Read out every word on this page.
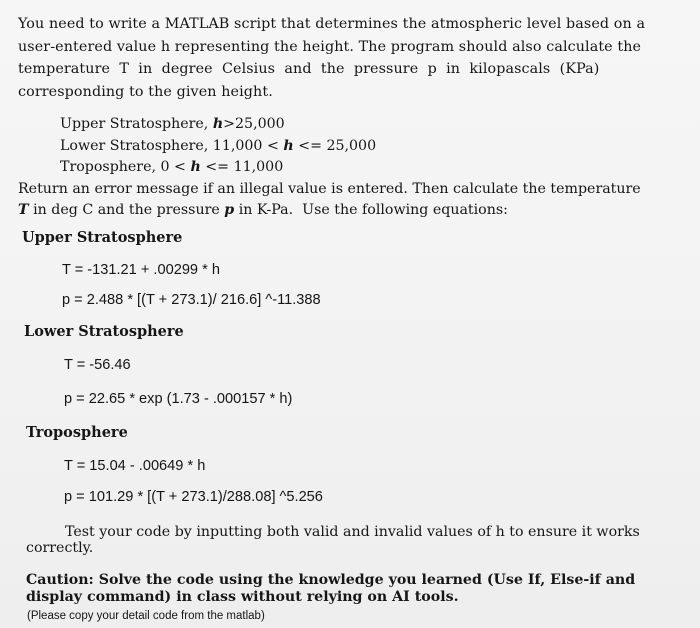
You need to write a MATLAB script that determines the atmospheric level based on a

user-entered value h representing the height. The program should also calculate the

temperature  T  in  degree  Celsius  and  the  pressure  p  in  kilopascals  (KPa)

corresponding to the given height.

Upper Stratosphere, h>25,000

Lower Stratosphere, 11,000 < h <= 25,000

Troposphere, 0 < h <= 11,000

Return an error message if an illegal value is entered. Then calculate the temperature

T in deg C and the pressure p in K-Pa.  Use the following equations:

Upper Stratosphere

T = -131.21 + .00299 * h

p = 2.488 * [(T + 273.1)/ 216.6] ^-11.388

Lower Stratosphere

T = -56.46

p = 22.65 * exp (1.73 - .000157 * h)

Troposphere

T = 15.04 - .00649 * h

p = 101.29 * [(T + 273.1)/288.08] ^5.256

Test your code by inputting both valid and invalid values of h to ensure it works

correctly.

Caution: Solve the code using the knowledge you learned (Use If, Else-if and

display command) in class without relying on AI tools.

(Please copy your detail code from the matlab)
